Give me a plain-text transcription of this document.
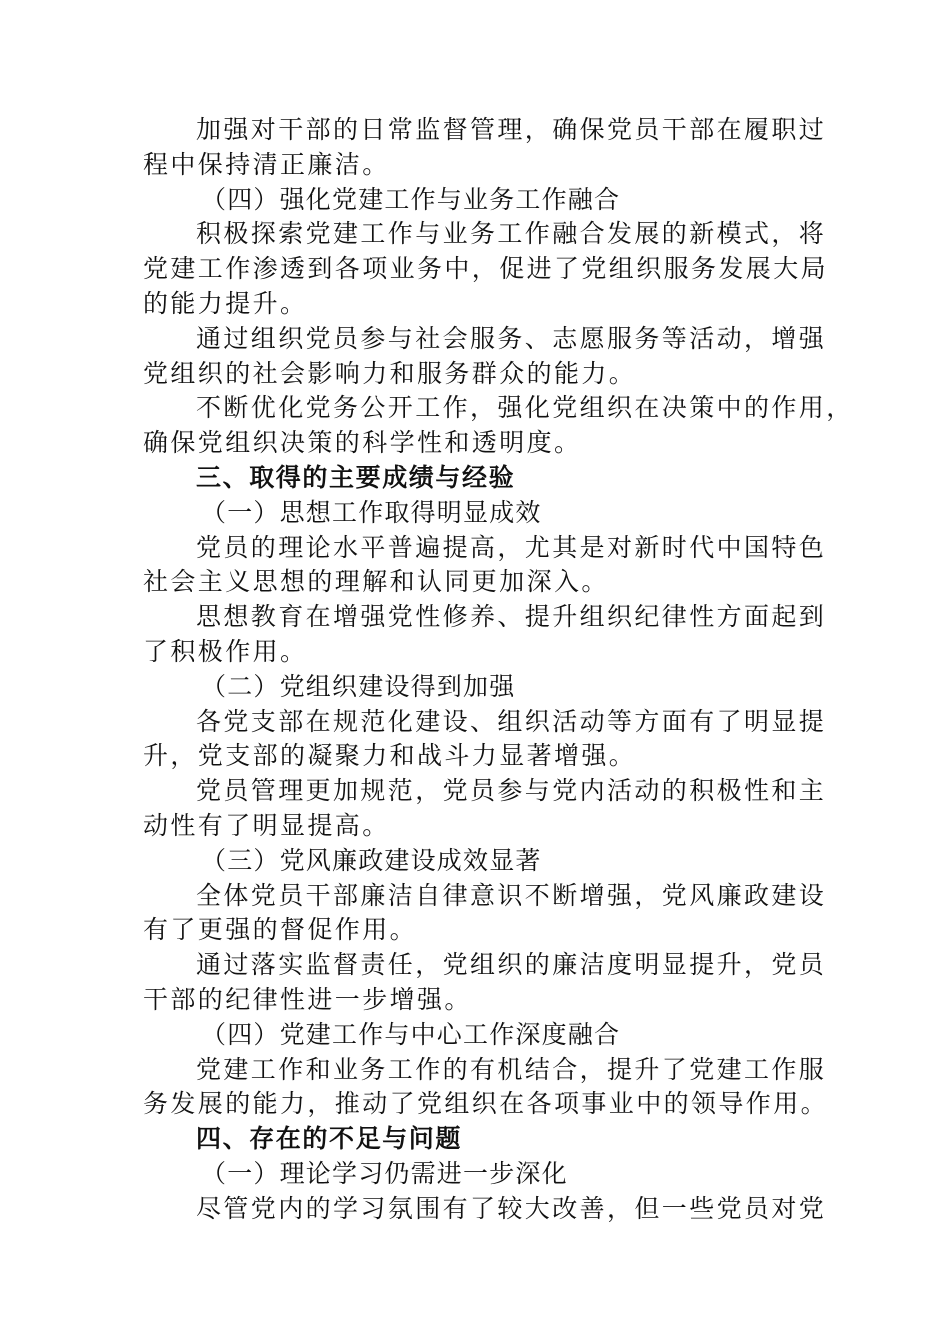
加强对干部的日常监督管理，确保党员干部在履职过
程中保持清正廉洁。
（四）强化党建工作与业务工作融合
积极探索党建工作与业务工作融合发展的新模式，将
党建工作渗透到各项业务中，促进了党组织服务发展大局
的能力提升。
通过组织党员参与社会服务、志愿服务等活动，增强
党组织的社会影响力和服务群众的能力。
不断优化党务公开工作，强化党组织在决策中的作用，
确保党组织决策的科学性和透明度。
三、取得的主要成绩与经验
（一）思想工作取得明显成效
党员的理论水平普遍提高，尤其是对新时代中国特色
社会主义思想的理解和认同更加深入。
思想教育在增强党性修养、提升组织纪律性方面起到
了积极作用。
（二）党组织建设得到加强
各党支部在规范化建设、组织活动等方面有了明显提
升，党支部的凝聚力和战斗力显著增强。
党员管理更加规范，党员参与党内活动的积极性和主
动性有了明显提高。
（三）党风廉政建设成效显著
全体党员干部廉洁自律意识不断增强，党风廉政建设
有了更强的督促作用。
通过落实监督责任，党组织的廉洁度明显提升，党员
干部的纪律性进一步增强。
（四）党建工作与中心工作深度融合
党建工作和业务工作的有机结合，提升了党建工作服
务发展的能力，推动了党组织在各项事业中的领导作用。
四、存在的不足与问题
（一）理论学习仍需进一步深化
尽管党内的学习氛围有了较大改善，但一些党员对党
